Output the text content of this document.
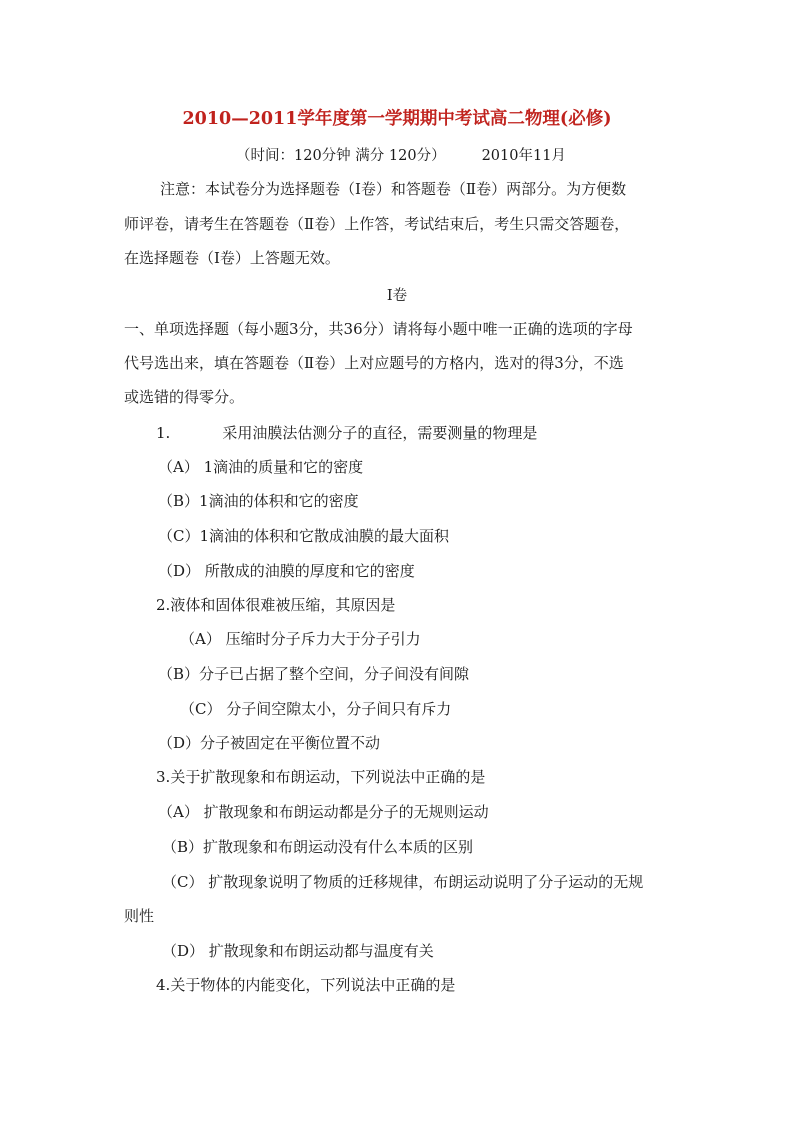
2010—2011学年度第一学期期中考试高二物理(必修)
（时间：120分钟 满分 120分） 2010年11月
注意：本试卷分为选择题卷（Ⅰ卷）和答题卷（Ⅱ卷）两部分。为方便数
师评卷，请考生在答题卷（Ⅱ卷）上作答，考试结束后，考生只需交答题卷，
在选择题卷（Ⅰ卷）上答题无效。
Ⅰ卷
一、单项选择题（每小题3分，共36分）请将每小题中唯一正确的选项的字母
代号选出来，填在答题卷（Ⅱ卷）上对应题号的方格内，选对的得3分，不选
或选错的得零分。
1.	采用油膜法估测分子的直径，需要测量的物理是
（A） 1滴油的质量和它的密度
（B）1滴油的体积和它的密度
（C）1滴油的体积和它散成油膜的最大面积
（D） 所散成的油膜的厚度和它的密度
2.液体和固体很难被压缩，其原因是
（A） 压缩时分子斥力大于分子引力
（B）分子已占据了整个空间，分子间没有间隙
（C） 分子间空隙太小，分子间只有斥力
（D）分子被固定在平衡位置不动
3.关于扩散现象和布朗运动，下列说法中正确的是
（A） 扩散现象和布朗运动都是分子的无规则运动
（B）扩散现象和布朗运动没有什么本质的区别
（C） 扩散现象说明了物质的迁移规律，布朗运动说明了分子运动的无规
则性
（D） 扩散现象和布朗运动都与温度有关
4.关于物体的内能变化，下列说法中正确的是
